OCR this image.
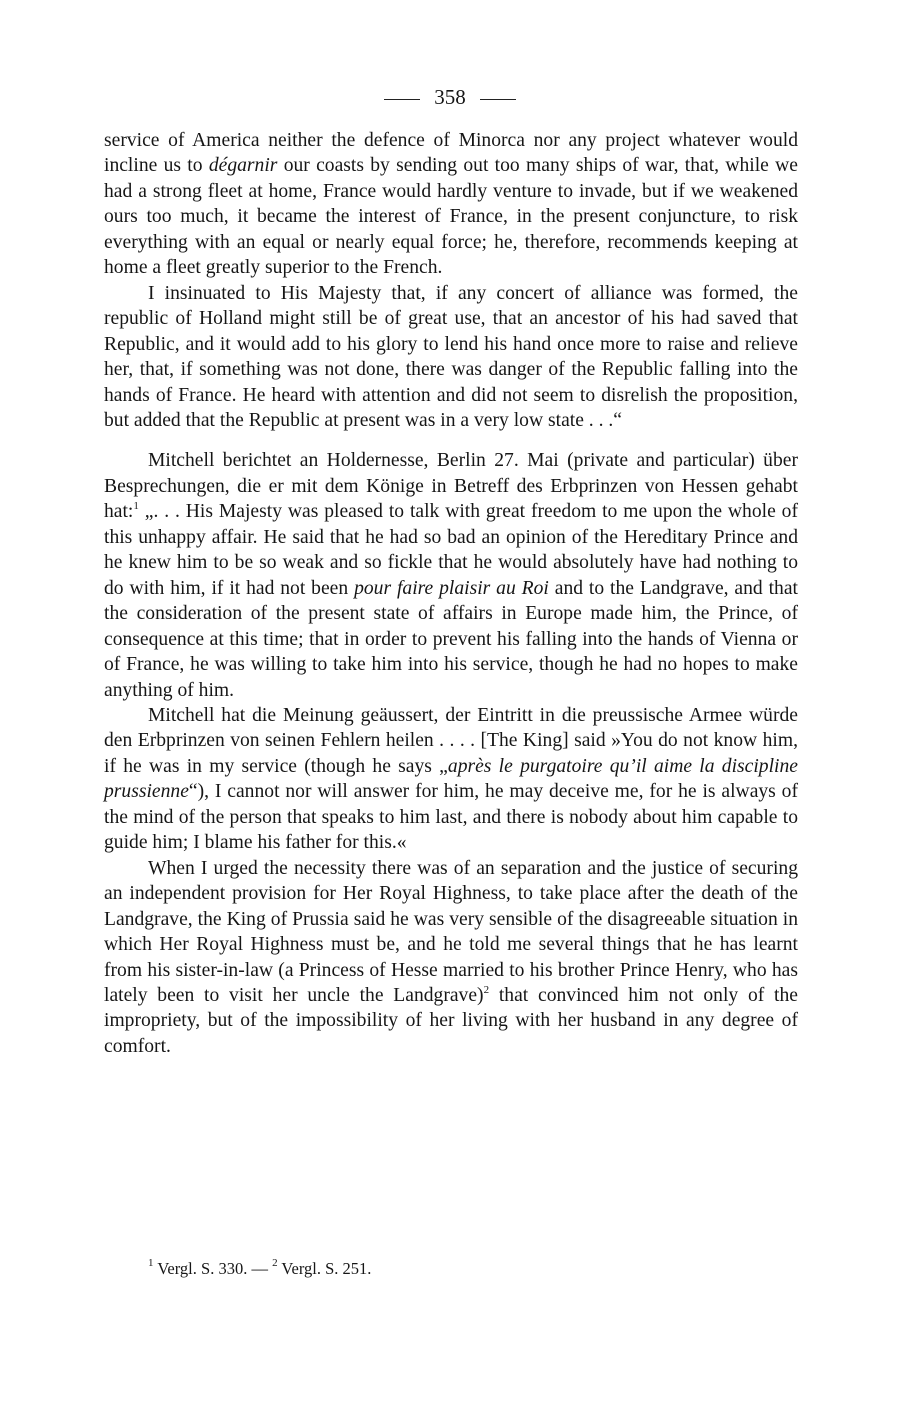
358

service of America neither the defence of Minorca nor any project whatever would incline us to dégarnir our coasts by sending out too many ships of war, that, while we had a strong fleet at home, France would hardly venture to invade, but if we weakened ours too much, it became the interest of France, in the present conjuncture, to risk everything with an equal or nearly equal force; he, therefore, recommends keeping at home a fleet greatly superior to the French.

I insinuated to His Majesty that, if any concert of alliance was formed, the republic of Holland might still be of great use, that an ancestor of his had saved that Republic, and it would add to his glory to lend his hand once more to raise and relieve her, that, if something was not done, there was danger of the Republic falling into the hands of France. He heard with attention and did not seem to disrelish the proposition, but added that the Republic at present was in a very low state . . .“

Mitchell berichtet an Holdernesse, Berlin 27. Mai (private and particular) über Besprechungen, die er mit dem Könige in Betreff des Erbprinzen von Hessen gehabt hat:$^1$ „. . . His Majesty was pleased to talk with great freedom to me upon the whole of this unhappy affair. He said that he had so bad an opinion of the Hereditary Prince and he knew him to be so weak and so fickle that he would absolutely have had nothing to do with him, if it had not been pour faire plaisir au Roi and to the Landgrave, and that the consideration of the present state of affairs in Europe made him, the Prince, of consequence at this time; that in order to prevent his falling into the hands of Vienna or of France, he was willing to take him into his service, though he had no hopes to make anything of him.

Mitchell hat die Meinung geäussert, der Eintritt in die preussische Armee würde den Erbprinzen von seinen Fehlern heilen . . . . [The King] said »You do not know him, if he was in my service (though he says „après le purgatoire qu’il aime la discipline prussienne“), I cannot nor will answer for him, he may deceive me, for he is always of the mind of the person that speaks to him last, and there is nobody about him capable to guide him; I blame his father for this.«

When I urged the necessity there was of an separation and the justice of securing an independent provision for Her Royal Highness, to take place after the death of the Landgrave, the King of Prussia said he was very sensible of the disagreeable situation in which Her Royal Highness must be, and he told me several things that he has learnt from his sister-in-law (a Princess of Hesse married to his brother Prince Henry, who has lately been to visit her uncle the Landgrave)$^2$ that convinced him not only of the impropriety, but of the impossibility of her living with her husband in any degree of comfort.

$^1$ Vergl. S. 330. — $^2$ Vergl. S. 251.
